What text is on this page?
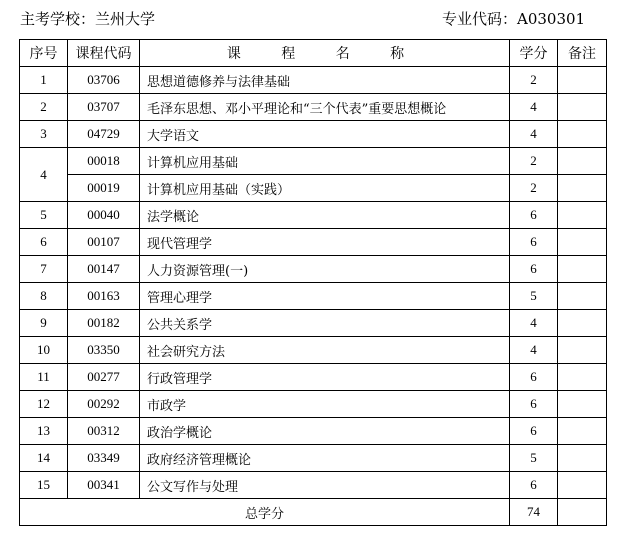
主考学校：兰州大学	专业代码：A030301
序号	课程代码	课 程 名 称	学分	备注
1	03706	思想道德修养与法律基础	2	
2	03707	毛泽东思想、邓小平理论和“三个代表”重要思想概论	4	
3	04729	大学语文	4	
4	00018	计算机应用基础	2	
	00019	计算机应用基础（实践）	2	
5	00040	法学概论	6	
6	00107	现代管理学	6	
7	00147	人力资源管理(一)	6	
8	00163	管理心理学	5	
9	00182	公共关系学	4	
10	03350	社会研究方法	4	
11	00277	行政管理学	6	
12	00292	市政学	6	
13	00312	政治学概论	6	
14	03349	政府经济管理概论	5	
15	00341	公文写作与处理	6	
总学分			74	
